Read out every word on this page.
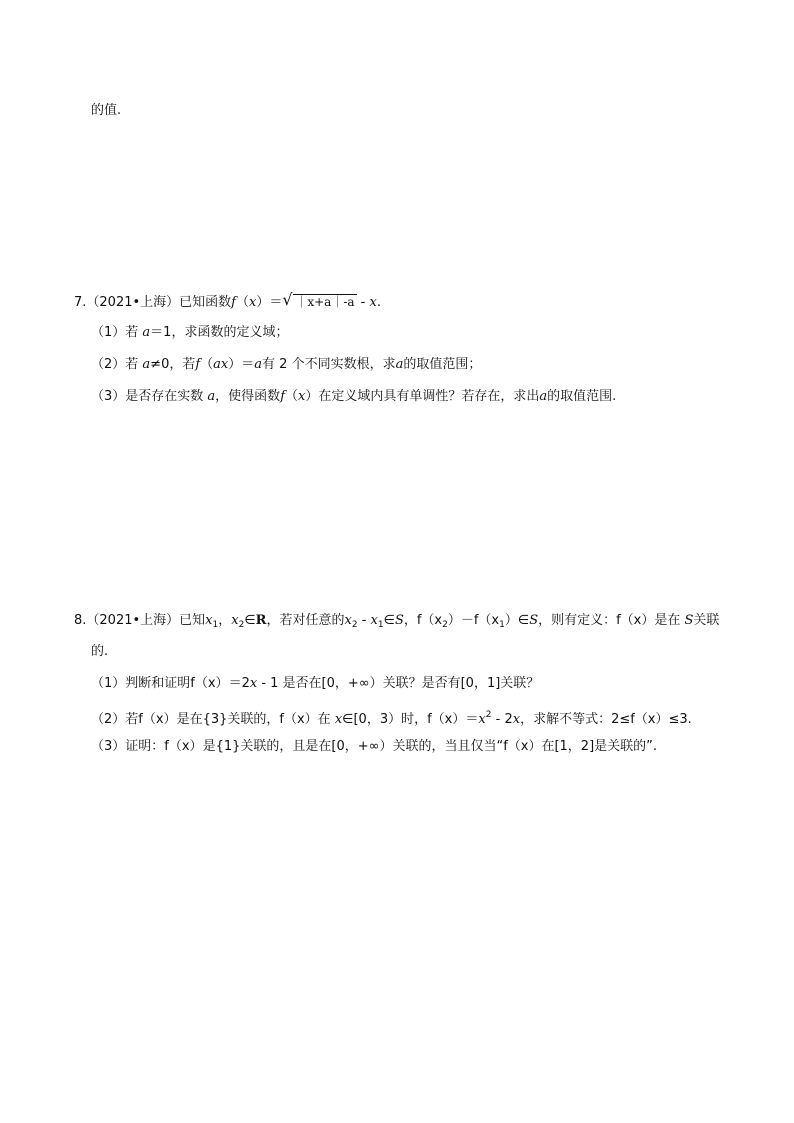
的值.
7.（2021•上海）已知函数f（x）＝ √ ｜x+a｜-a - x.
（1）若 a＝1，求函数的定义域；
（2）若 a≠0，若f（ax）＝a有 2 个不同实数根，求a的取值范围；
（3）是否存在实数 a，使得函数f（x）在定义域内具有单调性？若存在，求出a的取值范围.
8.（2021•上海）已知$x_1$，$x_2\in R$，若对任意的$x_2$ - $x_1\in S$，$f(x_2)-f(x_1)\in S$，则有定义：f（x）是在 S关联
的.
（1）判断和证明f（x）＝2x - 1 是否在[0，+∞）关联？是否有[0，1]关联？
（2）若f（x）是在{3}关联的，f（x）在 x∈[0，3）时，$f(x)=x^2 - 2x$，求解不等式：2≤f（x）≤3.
（3）证明：f（x）是{1}关联的，且是在[0，+∞）关联的，当且仅当“f（x）在[1，2]是关联的”.
